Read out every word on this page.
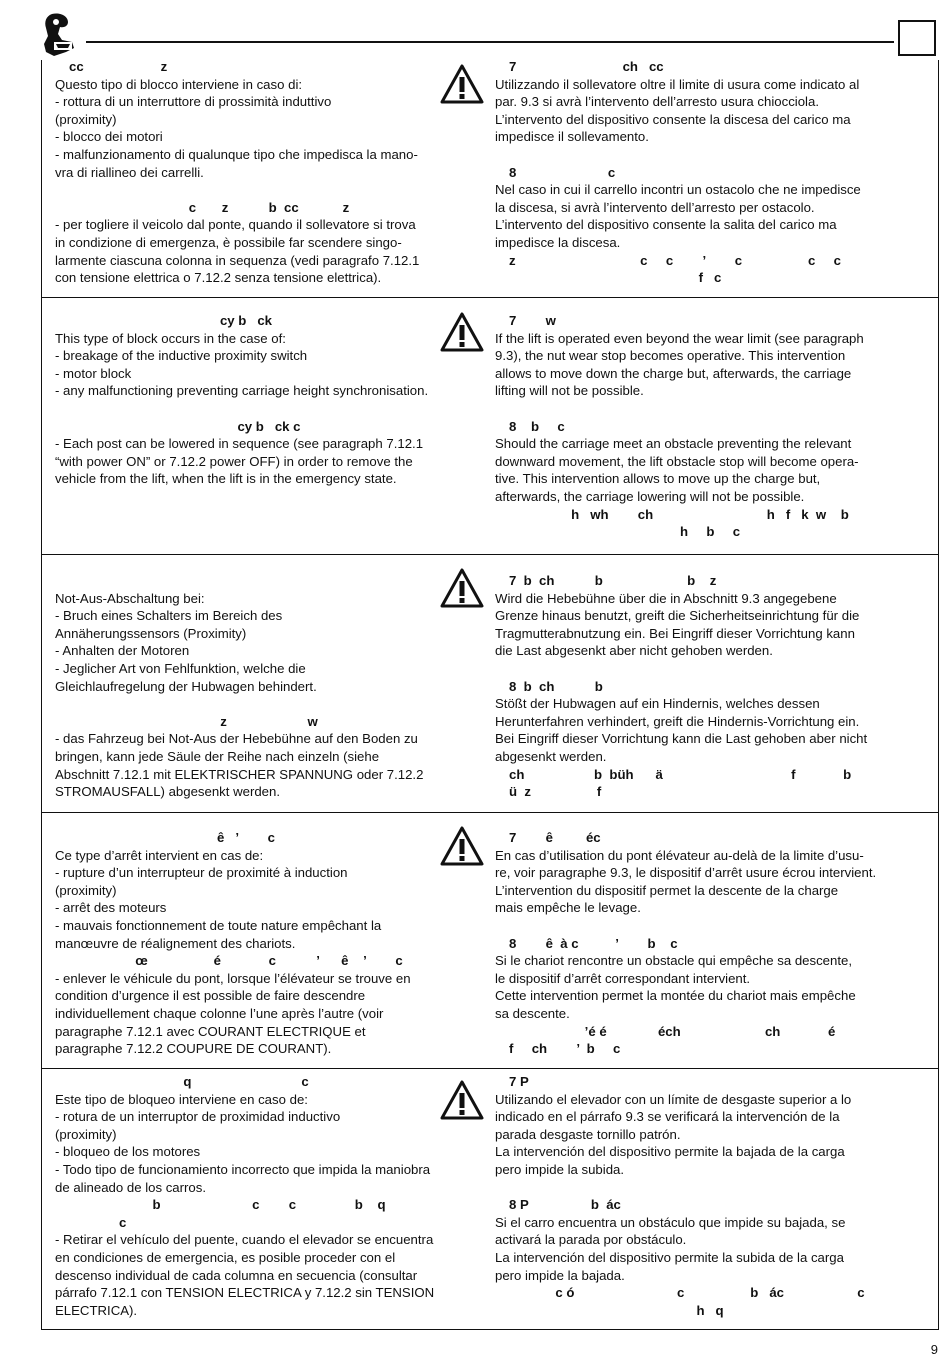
cc                     z

Questo tipo di blocco interviene in caso di:

- rottura di un interruttore di prossimità induttivo

(proximity)

- blocco dei motori

- malfunzionamento di qualunque tipo che impedisca la mano-

vra di riallineo dei carrelli.

c       z           b  cc            z

- per togliere il veicolo dal ponte, quando il sollevatore si trova

in condizione di emergenza, è possibile far scendere singo-

larmente ciascuna colonna in sequenza (vedi paragrafo 7.12.1

con tensione elettrica o 7.12.2 senza tensione elettrica).

7                             ch   cc

Utilizzando il sollevatore oltre il limite di usura come indicato al

par. 9.3 si avrà l’intervento dell’arresto usura chiocciola.

L’intervento del dispositivo consente la discesa del carico ma

impedisce il sollevamento.

8                         c

Nel caso in cui il carrello incontri un ostacolo che ne impedisce

la discesa, si avrà l’intervento dell’arresto per ostacolo.

L’intervento del dispositivo consente la salita del carico ma

impedisce la discesa.

z                                  c     c        ’        c                  c     c

f   c

cy b   ck

This type of block occurs in the case of:

- breakage of the inductive proximity switch

- motor block

- any malfunctioning preventing carriage height synchronisation.

cy b   ck c

- Each post can be lowered in sequence (see paragraph 7.12.1

“with power ON” or 7.12.2 power OFF) in order to remove the

vehicle from the lift, when the lift is in the emergency state.

7        w

If the lift is operated even beyond the wear limit (see paragraph

9.3), the nut wear stop becomes operative. This intervention

allows to move down the charge but, afterwards, the carriage

lifting will not be possible.

8    b     c

Should the carriage meet an obstacle preventing the relevant

downward movement, the lift obstacle stop will become opera-

tive. This intervention allows to move up the charge but,

afterwards, the carriage lowering will not be possible.

h   wh        ch                               h   f   k  w    b

h     b     c

Not-Aus-Abschaltung bei:

- Bruch eines Schalters im Bereich des

Annäherungssensors (Proximity)

- Anhalten der Motoren

- Jeglicher Art von Fehlfunktion, welche die

Gleichlaufregelung der Hubwagen behindert.

z                      w

- das Fahrzeug bei Not-Aus der Hebebühne auf den Boden zu

bringen, kann jede Säule der Reihe nach einzeln (siehe

Abschnitt 7.12.1 mit ELEKTRISCHER SPANNUNG oder 7.12.2

STROMAUSFALL) abgesenkt werden.

7  b  ch           b                       b    z

Wird die Hebebühne über die in Abschnitt 9.3 angegebene

Grenze hinaus benutzt, greift die Sicherheitseinrichtung für die

Tragmutterabnutzung ein. Bei Eingriff dieser Vorrichtung kann

die Last abgesenkt aber nicht gehoben werden.

8  b  ch           b

Stößt der Hubwagen auf ein Hindernis, welches dessen

Herunterfahren verhindert, greift die Hindernis-Vorrichtung ein.

Bei Eingriff dieser Vorrichtung kann die Last gehoben aber nicht

abgesenkt werden.

ch                   b  büh      ä                                   f             b

ü  z                  f

ê   ’        c

Ce type d’arrêt intervient en cas de:

- rupture d’un interrupteur de proximité à induction

(proximity)

- arrêt des moteurs

- mauvais fonctionnement de toute nature empêchant la

manœuvre de réalignement des chariots.

œ                  é             c           ’      ê    ’        c

- enlever le véhicule du pont, lorsque l’élévateur se trouve en

condition d’urgence il est possible de faire descendre

individuellement chaque colonne l’une après l’autre (voir

paragraphe 7.12.1 avec COURANT ELECTRIQUE et

paragraphe 7.12.2 COUPURE DE COURANT).

7        ê         éc

En cas d’utilisation du pont élévateur au-delà de la limite d’usu-

re, voir paragraphe 9.3, le dispositif d’arrêt usure écrou intervient.

L’intervention du dispositif permet la descente de la charge

mais empêche le levage.

8        ê  à c          ’        b    c

Si le chariot rencontre un obstacle qui empêche sa descente,

le dispositif d’arrêt correspondant intervient.

Cette intervention permet la montée du chariot mais empêche

sa descente.

’é é              éch                       ch             é

f     ch        ’  b     c

q                              c

Este tipo de bloqueo interviene en caso de:

- rotura de un interruptor de proximidad inductivo

(proximity)

- bloqueo de los motores

- Todo tipo de funcionamiento incorrecto que impida la maniobra

de alineado de los carros.

b                         c        c                b    q

c

- Retirar el vehículo del puente, cuando el elevador se encuentra

en condiciones de emergencia, es posible proceder con el

descenso individual de cada columna en secuencia (consultar

párrafo 7.12.1 con TENSION ELECTRICA y 7.12.2 sin TENSION

ELECTRICA).

7 P

Utilizando el elevador con un límite de desgaste superior a lo

indicado en el párrafo 9.3 se verificará la intervención de la

parada desgaste tornillo patrón.

La intervención del dispositivo permite la bajada de la carga

pero impide la subida.

8 P                 b  ác

Si el carro encuentra un obstáculo que impide su bajada, se

activará la parada por obstáculo.

La intervención del dispositivo permite la subida de la carga

pero impide la bajada.

c ó                            c                  b   ác                    c

h   q

9
